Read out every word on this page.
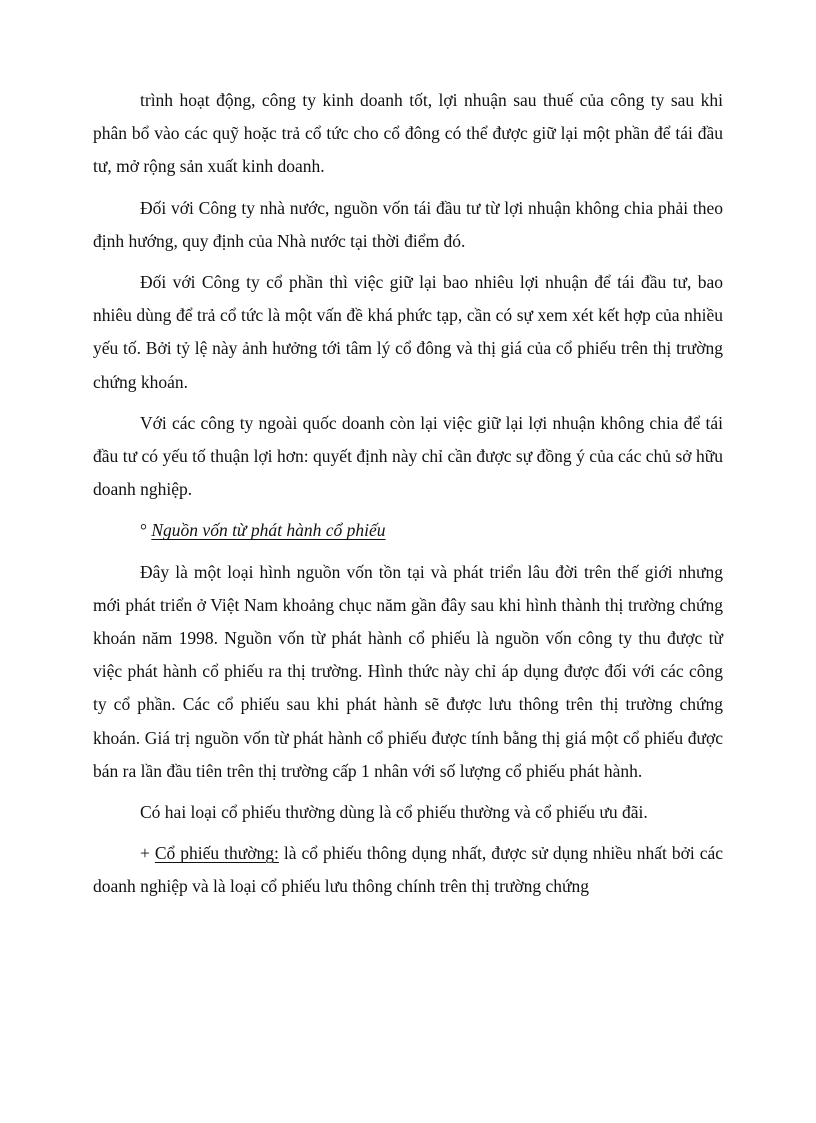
trình hoạt động, công ty kinh doanh tốt, lợi nhuận sau thuế của công ty sau khi phân bổ vào các quỹ hoặc trả cổ tức cho cổ đông có thể được giữ lại một phần để tái đầu tư, mở rộng sản xuất kinh doanh.

Đối với Công ty nhà nước, nguồn vốn tái đầu tư từ lợi nhuận không chia phải theo định hướng, quy định của Nhà nước tại thời điểm đó.

Đối với Công ty cổ phần thì việc giữ lại bao nhiêu lợi nhuận để tái đầu tư, bao nhiêu dùng để trả cổ tức là một vấn đề khá phức tạp, cần có sự xem xét kết hợp của nhiều yếu tố. Bởi tỷ lệ này ảnh hưởng tới tâm lý cổ đông và thị giá của cổ phiếu trên thị trường chứng khoán.

Với các công ty ngoài quốc doanh còn lại việc giữ lại lợi nhuận không chia để tái đầu tư có yếu tố thuận lợi hơn: quyết định này chỉ cần được sự đồng ý của các chủ sở hữu doanh nghiệp.

° Nguồn vốn từ phát hành cổ phiếu

Đây là một loại hình nguồn vốn tồn tại và phát triển lâu đời trên thế giới nhưng mới phát triển ở Việt Nam khoảng chục năm gần đây sau khi hình thành thị trường chứng khoán năm 1998. Nguồn vốn từ phát hành cổ phiếu là nguồn vốn công ty thu được từ việc phát hành cổ phiếu ra thị trường. Hình thức này chỉ áp dụng được đối với các công ty cổ phần. Các cổ phiếu sau khi phát hành sẽ được lưu thông trên thị trường chứng khoán. Giá trị nguồn vốn từ phát hành cổ phiếu được tính bằng thị giá một cổ phiếu được bán ra lần đầu tiên trên thị trường cấp 1 nhân với số lượng cổ phiếu phát hành.

Có hai loại cổ phiếu thường dùng là cổ phiếu thường và cổ phiếu ưu đãi.

+ Cổ phiếu thường: là cổ phiếu thông dụng nhất, được sử dụng nhiều nhất bởi các doanh nghiệp và là loại cổ phiếu lưu thông chính trên thị trường chứng
